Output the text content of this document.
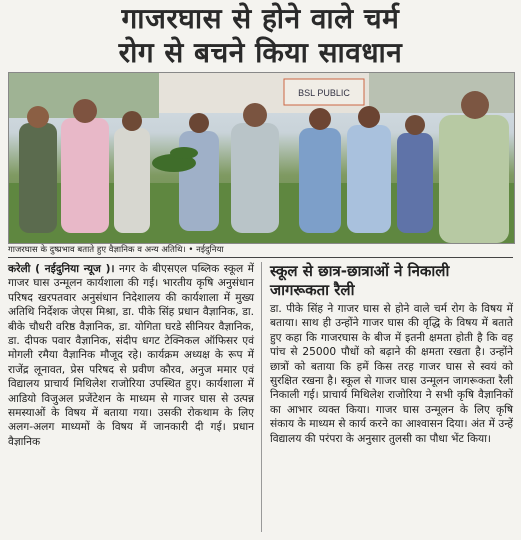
गाजरघास से होने वाले चर्म
रोग से बचने किया सावधान
BSL PUBLIC
गाजरघास के दुष्प्रभाव बताते हुए वैज्ञानिक व अन्य अतिथि। • नईदुनिया

करेली ( नईदुनिया न्यूज )। नगर के बीएसएल पब्लिक स्कूल में गाजर घास उन्मूलन कार्यशाला की गई। भारतीय कृषि अनुसंधान परिषद खरपतवार अनुसंधान निदेशालय की कार्यशाला में मुख्य अतिथि निर्देशक जेएस मिश्रा, डा. पीके सिंह प्रधान वैज्ञानिक, डा. बीके चौधरी वरिष्ठ वैज्ञानिक, डा. योगिता घरडे सीनियर वैज्ञानिक, डा. दीपक पवार वैज्ञानिक, संदीप धगट टेक्निकल ऑफिसर एवं मोगली रमैया वैज्ञानिक मौजूद रहे। कार्यक्रम अध्यक्ष के रूप में राजेंद्र लूनावत, प्रेस परिषद से प्रवीण कौरव, अनुज ममार एवं विद्यालय प्राचार्य मिथिलेश राजोरिया उपस्थित हुए। कार्यशाला में आडियो विजुअल प्रजेंटेशन के माध्यम से गाजर घास से उत्पन्न समस्याओं के विषय में बताया गया। उसकी रोकथाम के लिए अलग-अलग माध्यमों के विषय में जानकारी दी गई। प्रधान वैज्ञानिक

स्कूल से छात्र-छात्राओं ने निकाली जागरूकता रैली

डा. पीके सिंह ने गाजर घास से होने वाले चर्म रोग के विषय में बताया। साथ ही उन्होंने गाजर घास की वृद्धि के विषय में बताते हुए कहा कि गाजरघास के बीज में इतनी क्षमता होती है कि वह पांच से 25000 पौधों को बढ़ाने की क्षमता रखता है। उन्होंने छात्रों को बताया कि हमें किस तरह गाजर घास से स्वयं को सुरक्षित रखना है। स्कूल से गाजर घास उन्मूलन जागरूकता रैली निकाली गई। प्राचार्य मिथिलेश राजोरिया ने सभी कृषि वैज्ञानिकों का आभार व्यक्त किया। गाजर घास उन्मूलन के लिए कृषि संकाय के माध्यम से कार्य करने का आश्वासन दिया। अंत में उन्हें विद्यालय की परंपरा के अनुसार तुलसी का पौधा भेंट किया।
